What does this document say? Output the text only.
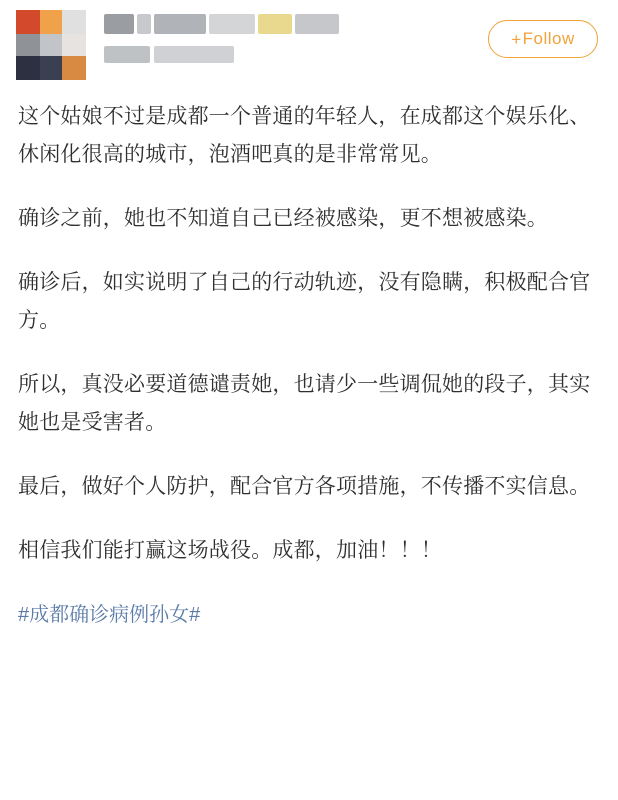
+ Follow

这个姑娘不过是成都一个普通的年轻人，在成都这个娱乐化、休闲化很高的城市，泡酒吧真的是非常常见。

确诊之前，她也不知道自己已经被感染，更不想被感染。

确诊后，如实说明了自己的行动轨迹，没有隐瞒，积极配合官方。

所以，真没必要道德谴责她，也请少一些调侃她的段子，其实她也是受害者。

最后，做好个人防护，配合官方各项措施，不传播不实信息。

相信我们能打赢这场战役。成都，加油！！！

#成都确诊病例孙女#
